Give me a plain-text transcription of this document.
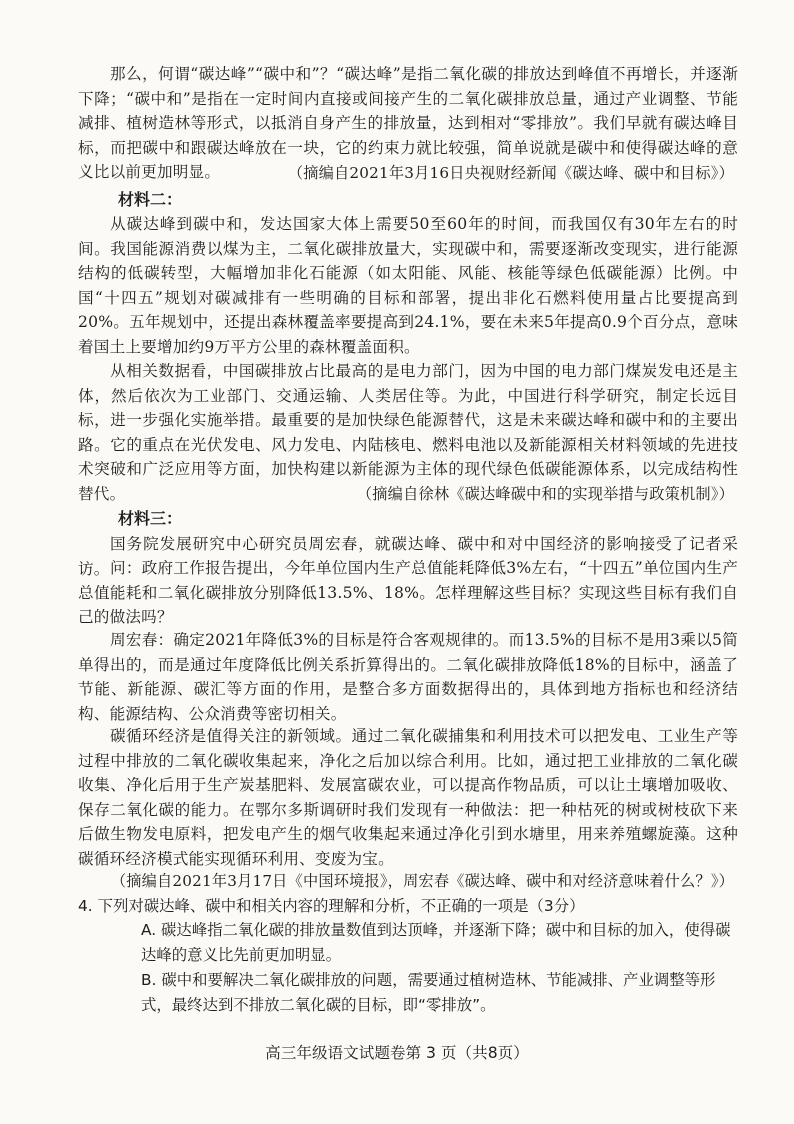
那么，何谓“碳达峰”“碳中和”？“碳达峰”是指二氧化碳的排放达到峰值不再增长，并逐渐下降；“碳中和”是指在一定时间内直接或间接产生的二氧化碳排放总量，通过产业调整、节能减排、植树造林等形式，以抵消自身产生的排放量，达到相对“零排放”。我们早就有碳达峰目标，而把碳中和跟碳达峰放在一块，它的约束力就比较强，简单说就是碳中和使得碳达峰的意义比以前更加明显。	（摘编自2021年3月16日央视财经新闻《碳达峰、碳中和目标》）

材料二：

从碳达峰到碳中和，发达国家大体上需要50至60年的时间，而我国仅有30年左右的时间。我国能源消费以煤为主，二氧化碳排放量大，实现碳中和，需要逐渐改变现实，进行能源结构的低碳转型，大幅增加非化石能源（如太阳能、风能、核能等绿色低碳能源）比例。中国“十四五”规划对碳减排有一些明确的目标和部署，提出非化石燃料使用量占比要提高到20%。五年规划中，还提出森林覆盖率要提高到24.1%，要在未来5年提高0.9个百分点，意味着国土上要增加约9万平方公里的森林覆盖面积。

从相关数据看，中国碳排放占比最高的是电力部门，因为中国的电力部门煤炭发电还是主体，然后依次为工业部门、交通运输、人类居住等。为此，中国进行科学研究，制定长远目标，进一步强化实施举措。最重要的是加快绿色能源替代，这是未来碳达峰和碳中和的主要出路。它的重点在光伏发电、风力发电、内陆核电、燃料电池以及新能源相关材料领域的先进技术突破和广泛应用等方面，加快构建以新能源为主体的现代绿色低碳能源体系，以完成结构性替代。	（摘编自徐林《碳达峰碳中和的实现举措与政策机制》）

材料三：

国务院发展研究中心研究员周宏春，就碳达峰、碳中和对中国经济的影响接受了记者采访。 问：政府工作报告提出，今年单位国内生产总值能耗降低3%左右，“十四五”单位国内生产总值能耗和二氧化碳排放分别降低13.5%、18%。怎样理解这些目标？实现这些目标有我们自己的做法吗？

周宏春：确定2021年降低3%的目标是符合客观规律的。而13.5%的目标不是用3乘以5简单得出的，而是通过年度降低比例关系折算得出的。二氧化碳排放降低18%的目标中，涵盖了节能、新能源、碳汇等方面的作用，是整合多方面数据得出的，具体到地方指标也和经济结构、能源结构、公众消费等密切相关。

碳循环经济是值得关注的新领域。通过二氧化碳捕集和利用技术可以把发电、工业生产等过程中排放的二氧化碳收集起来，净化之后加以综合利用。比如，通过把工业排放的二氧化碳收集、净化后用于生产炭基肥料、发展富碳农业，可以提高作物品质，可以让土壤增加吸收、保存二氧化碳的能力。在鄂尔多斯调研时我们发现有一种做法：把一种枯死的树或树枝砍下来后做生物发电原料，把发电产生的烟气收集起来通过净化引到水塘里，用来养殖螺旋藻。这种碳循环经济模式能实现循环利用、变废为宝。

（摘编自2021年3月17日《中国环境报》，周宏春《碳达峰、碳中和对经济意味着什么？》）

4. 下列对碳达峰、碳中和相关内容的理解和分析，不正确的一项是（3分）

A. 碳达峰指二氧化碳的排放量数值到达顶峰，并逐渐下降；碳中和目标的加入，使得碳达峰的意义比先前更加明显。

B. 碳中和要解决二氧化碳排放的问题，需要通过植树造林、节能减排、产业调整等形式，最终达到不排放二氧化碳的目标，即“零排放”。

高三年级语文试题卷第 3 页（共8页）
